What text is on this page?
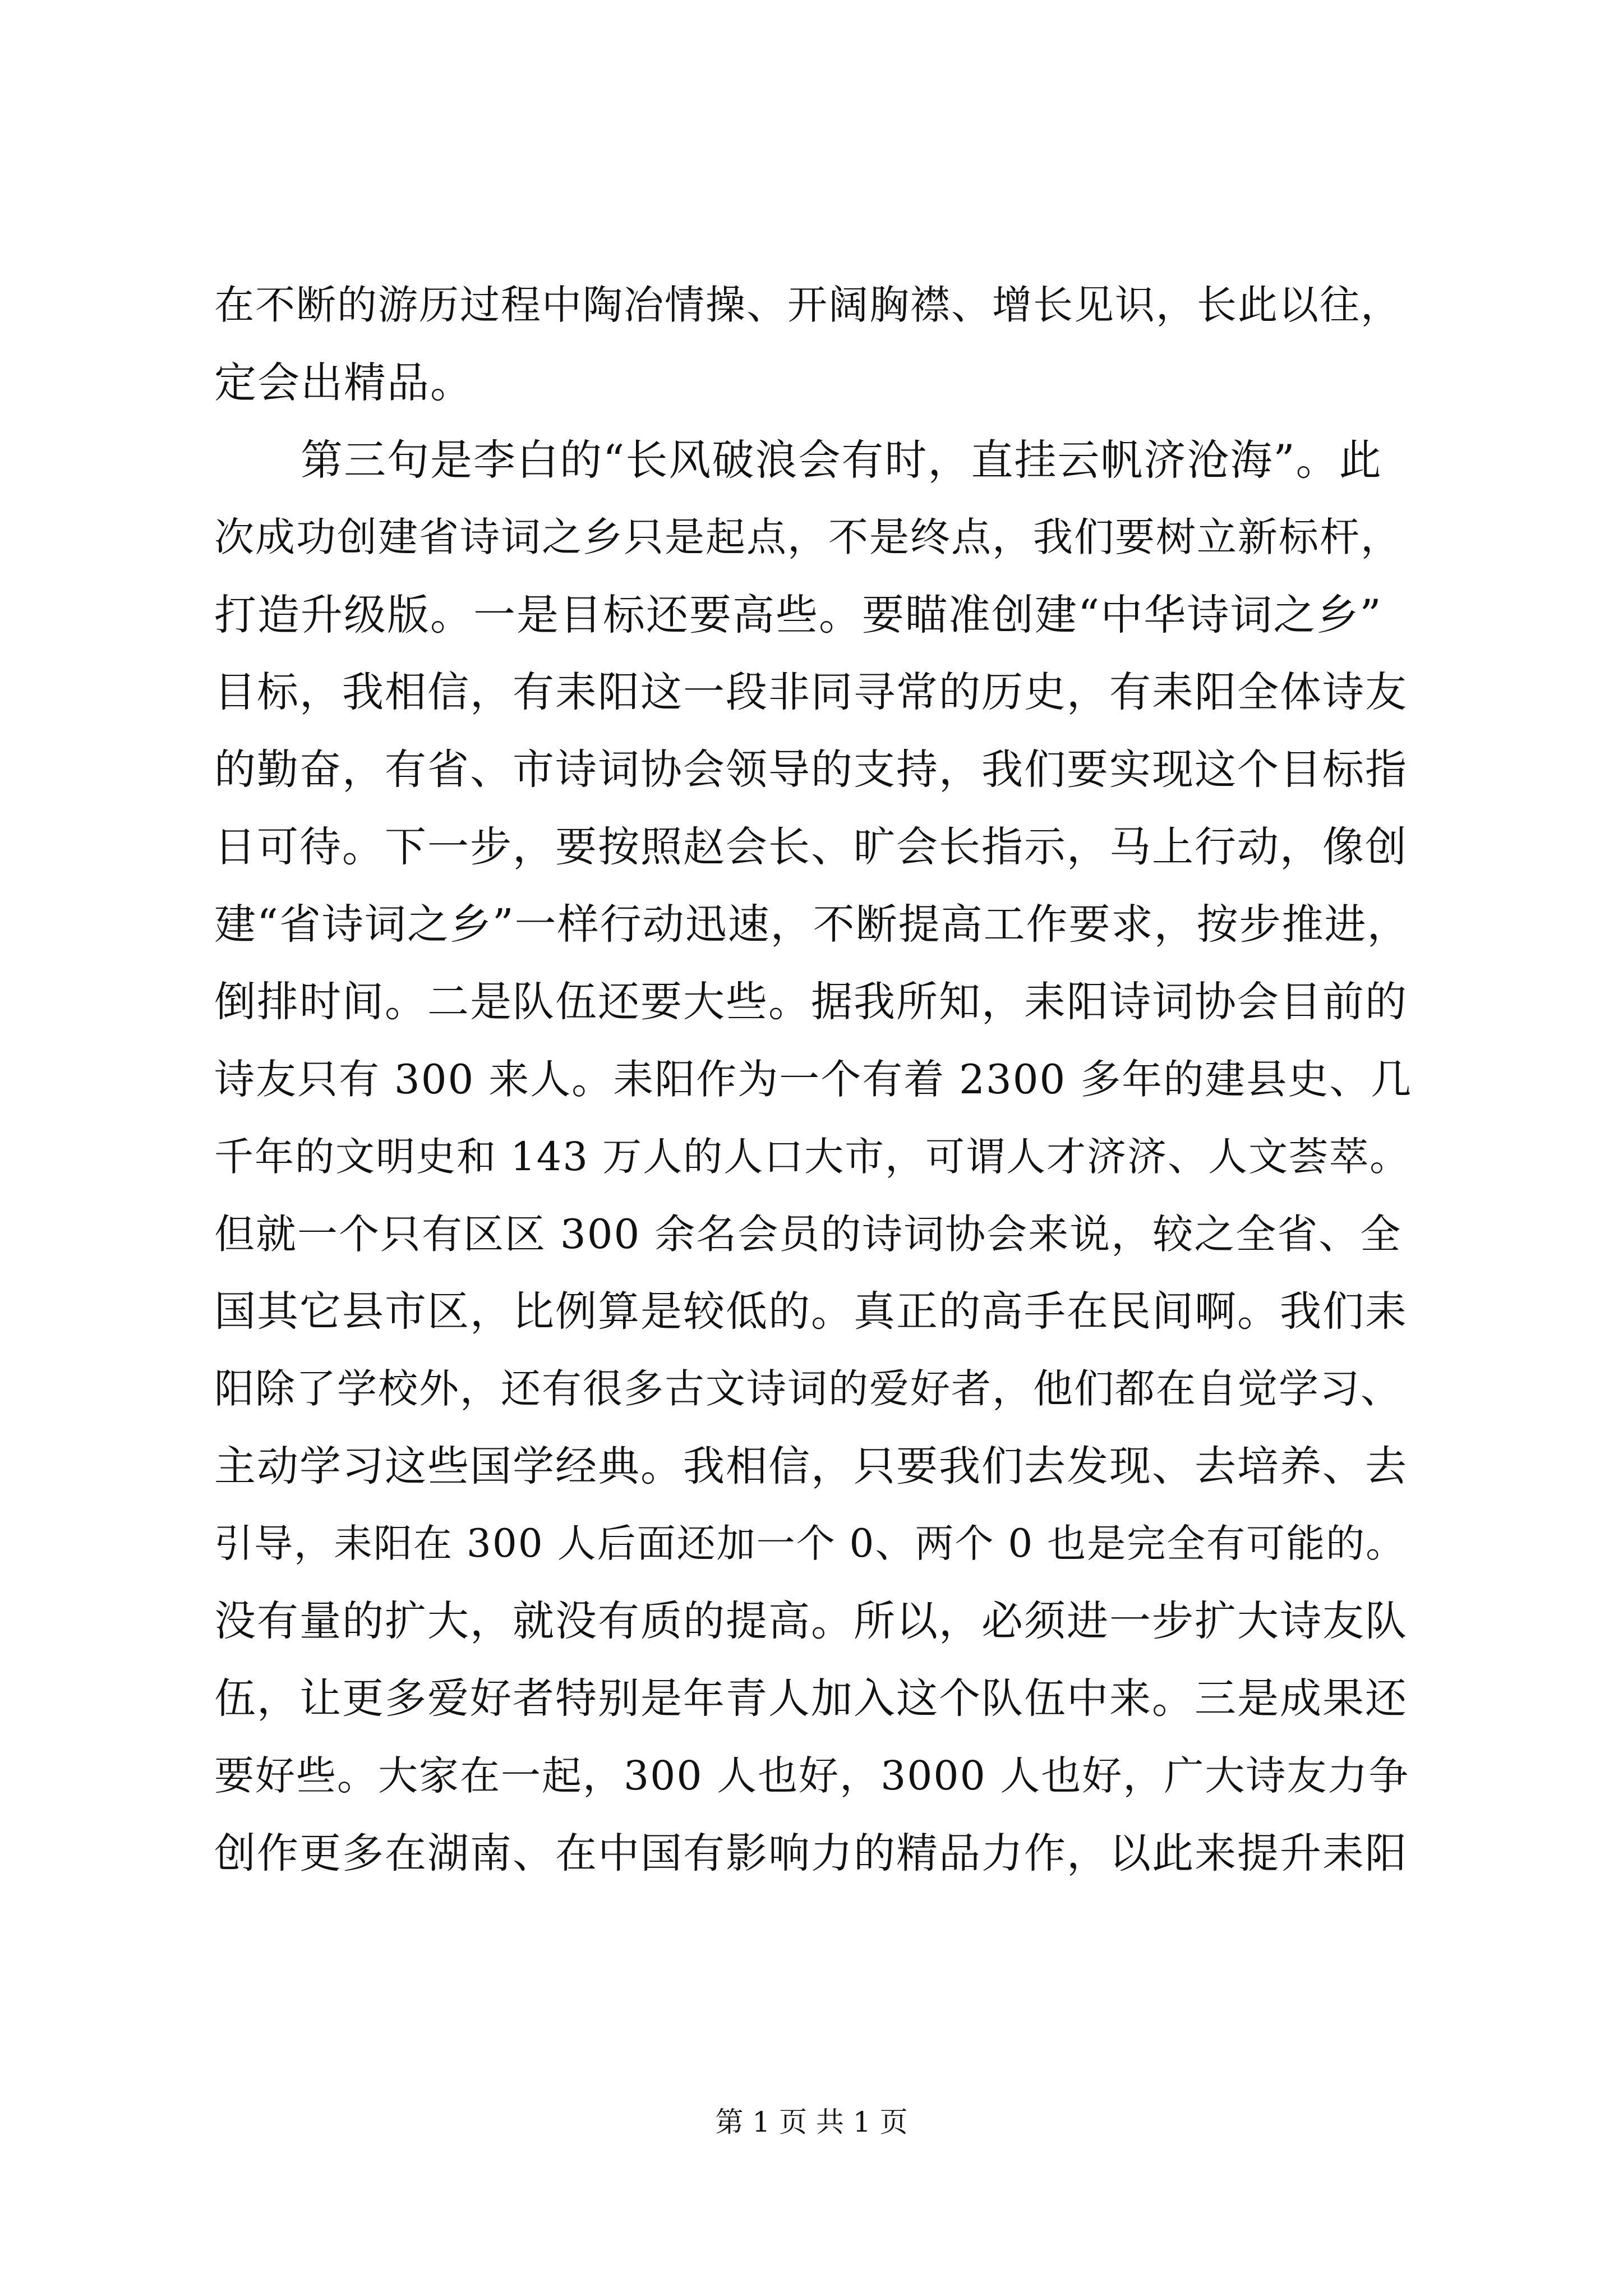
在不断的游历过程中陶冶情操、开阔胸襟、增长见识，长此以往，
定会出精品。
　　第三句是李白的“长风破浪会有时，直挂云帆济沧海”。此
次成功创建省诗词之乡只是起点，不是终点，我们要树立新标杆，
打造升级版。一是目标还要高些。要瞄准创建“中华诗词之乡”
目标，我相信，有耒阳这一段非同寻常的历史，有耒阳全体诗友
的勤奋，有省、市诗词协会领导的支持，我们要实现这个目标指
日可待。下一步，要按照赵会长、旷会长指示，马上行动，像创
建“省诗词之乡”一样行动迅速，不断提高工作要求，按步推进，
倒排时间。二是队伍还要大些。据我所知，耒阳诗词协会目前的
诗友只有 300 来人。耒阳作为一个有着 2300 多年的建县史、几
千年的文明史和 143 万人的人口大市，可谓人才济济、人文荟萃。
但就一个只有区区 300 余名会员的诗词协会来说，较之全省、全
国其它县市区，比例算是较低的。真正的高手在民间啊。我们耒
阳除了学校外，还有很多古文诗词的爱好者，他们都在自觉学习、
主动学习这些国学经典。我相信，只要我们去发现、去培养、去
引导，耒阳在 300 人后面还加一个 0、两个 0 也是完全有可能的。
没有量的扩大，就没有质的提高。所以，必须进一步扩大诗友队
伍，让更多爱好者特别是年青人加入这个队伍中来。三是成果还
要好些。大家在一起，300 人也好，3000 人也好，广大诗友力争
创作更多在湖南、在中国有影响力的精品力作，以此来提升耒阳
第 1 页 共 1 页
